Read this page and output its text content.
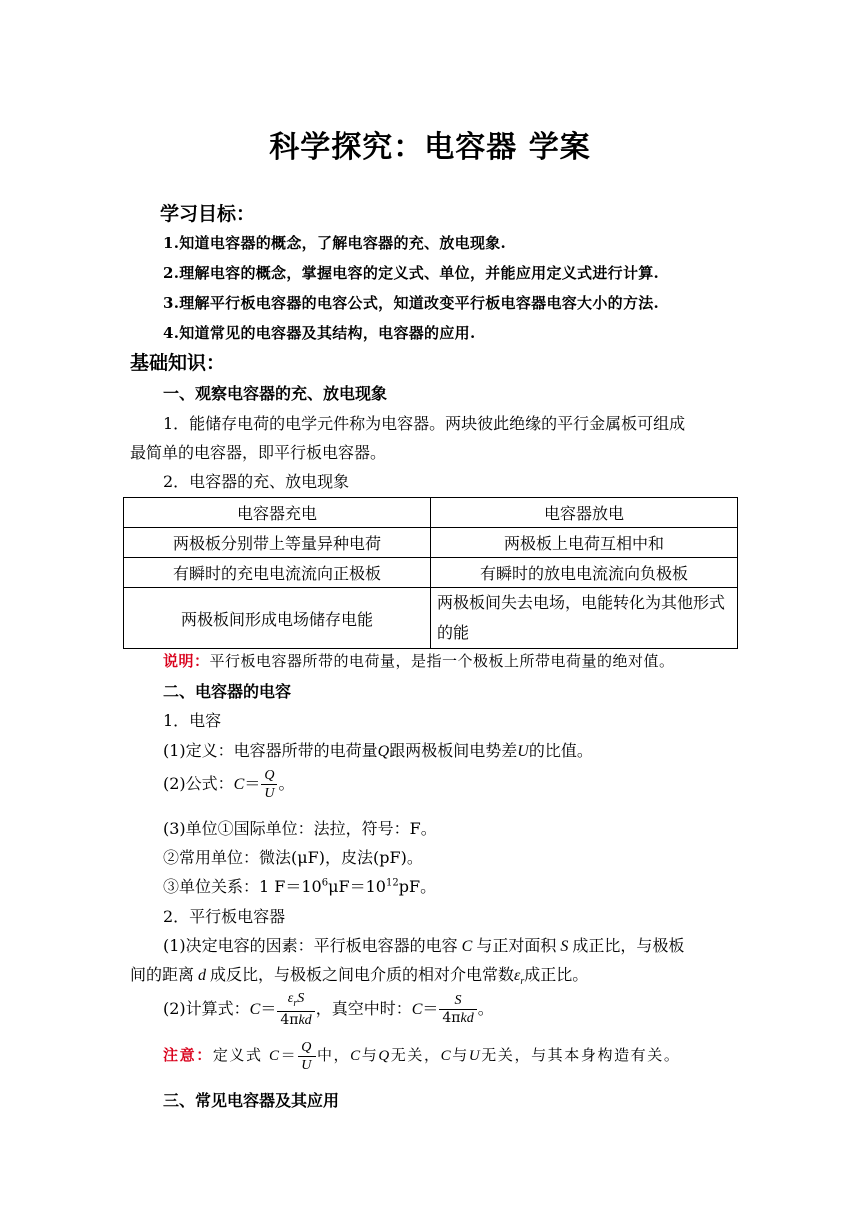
科学探究：电容器 学案
学习目标：
1.知道电容器的概念，了解电容器的充、放电现象.
2.理解电容的概念，掌握电容的定义式、单位，并能应用定义式进行计算.
3.理解平行板电容器的电容公式，知道改变平行板电容器电容大小的方法.
4.知道常见的电容器及其结构，电容器的应用.
基础知识：
一、观察电容器的充、放电现象
1．能储存电荷的电学元件称为电容器。两块彼此绝缘的平行金属板可组成
最简单的电容器，即平行板电容器。
2．电容器的充、放电现象
电容器充电	电容器放电
两极板分别带上等量异种电荷	两极板上电荷互相中和
有瞬时的充电电流流向正极板	有瞬时的放电电流流向负极板
两极板间形成电场储存电能	两极板间失去电场，电能转化为其他形式的能
说明：平行板电容器所带的电荷量，是指一个极板上所带电荷量的绝对值。
二、电容器的电容
1．电容
(1)定义：电容器所带的电荷量Q跟两极板间电势差U的比值。
(2)公式：$C= \frac{Q}{U}$ 。
(3)单位①国际单位：法拉，符号：F。
②常用单位：微法(μF)，皮法(pF)。
③单位关系：1 $F=10^6\mu F=10^{12}pF$。
2．平行板电容器
(1)决定电容的因素：平行板电容器的电容 C 与正对面积 S 成正比，与极板
间的距离 d 成反比，与极板之间电介质的相对介电常数$\varepsilon_r$成正比。
(2)计算式：$C= \frac{\varepsilon_rS}{\text{4πkd}}$ ，真空中时：$C= \frac{S}{\text{4πkd}}$ 。
注意：定义式 $C= \frac{Q}{U}$ 中，C与Q无关，C与U无关，与其本身构造有关。
三、常见电容器及其应用
